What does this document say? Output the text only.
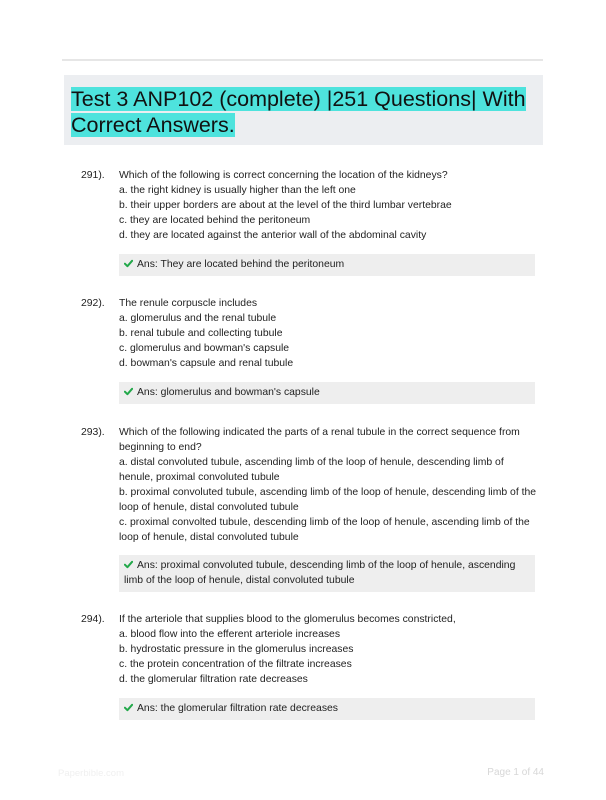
Test 3 ANP102 (complete) |251 Questions| With Correct Answers.
291). Which of the following is correct concerning the location of the kidneys?
a. the right kidney is usually higher than the left one
b. their upper borders are about at the level of the third lumbar vertebrae
c. they are located behind the peritoneum
d. they are located against the anterior wall of the abdominal cavity
Ans: They are located behind the peritoneum
292). The renule corpuscle includes
a. glomerulus and the renal tubule
b. renal tubule and collecting tubule
c. glomerulus and bowman's capsule
d. bowman's capsule and renal tubule
Ans: glomerulus and bowman's capsule
293). Which of the following indicated the parts of a renal tubule in the correct sequence from beginning to end?
a. distal convoluted tubule, ascending limb of the loop of henule, descending limb of henule, proximal convoluted tubule
b. proximal convoluted tubule, ascending limb of the loop of henule, descending limb of the loop of henule, distal convoluted tubule
c. proximal convolted tubule, descending limb of the loop of henule, ascending limb of the loop of henule, distal convoluted tubule
Ans: proximal convoluted tubule, descending limb of the loop of henule, ascending limb of the loop of henule, distal convoluted tubule
294). If the arteriole that supplies blood to the glomerulus becomes constricted,
a. blood flow into the efferent arteriole increases
b. hydrostatic pressure in the glomerulus increases
c. the protein concentration of the filtrate increases
d. the glomerular filtration rate decreases
Ans: the glomerular filtration rate decreases
Paperbible.com	Page 1 of 44
